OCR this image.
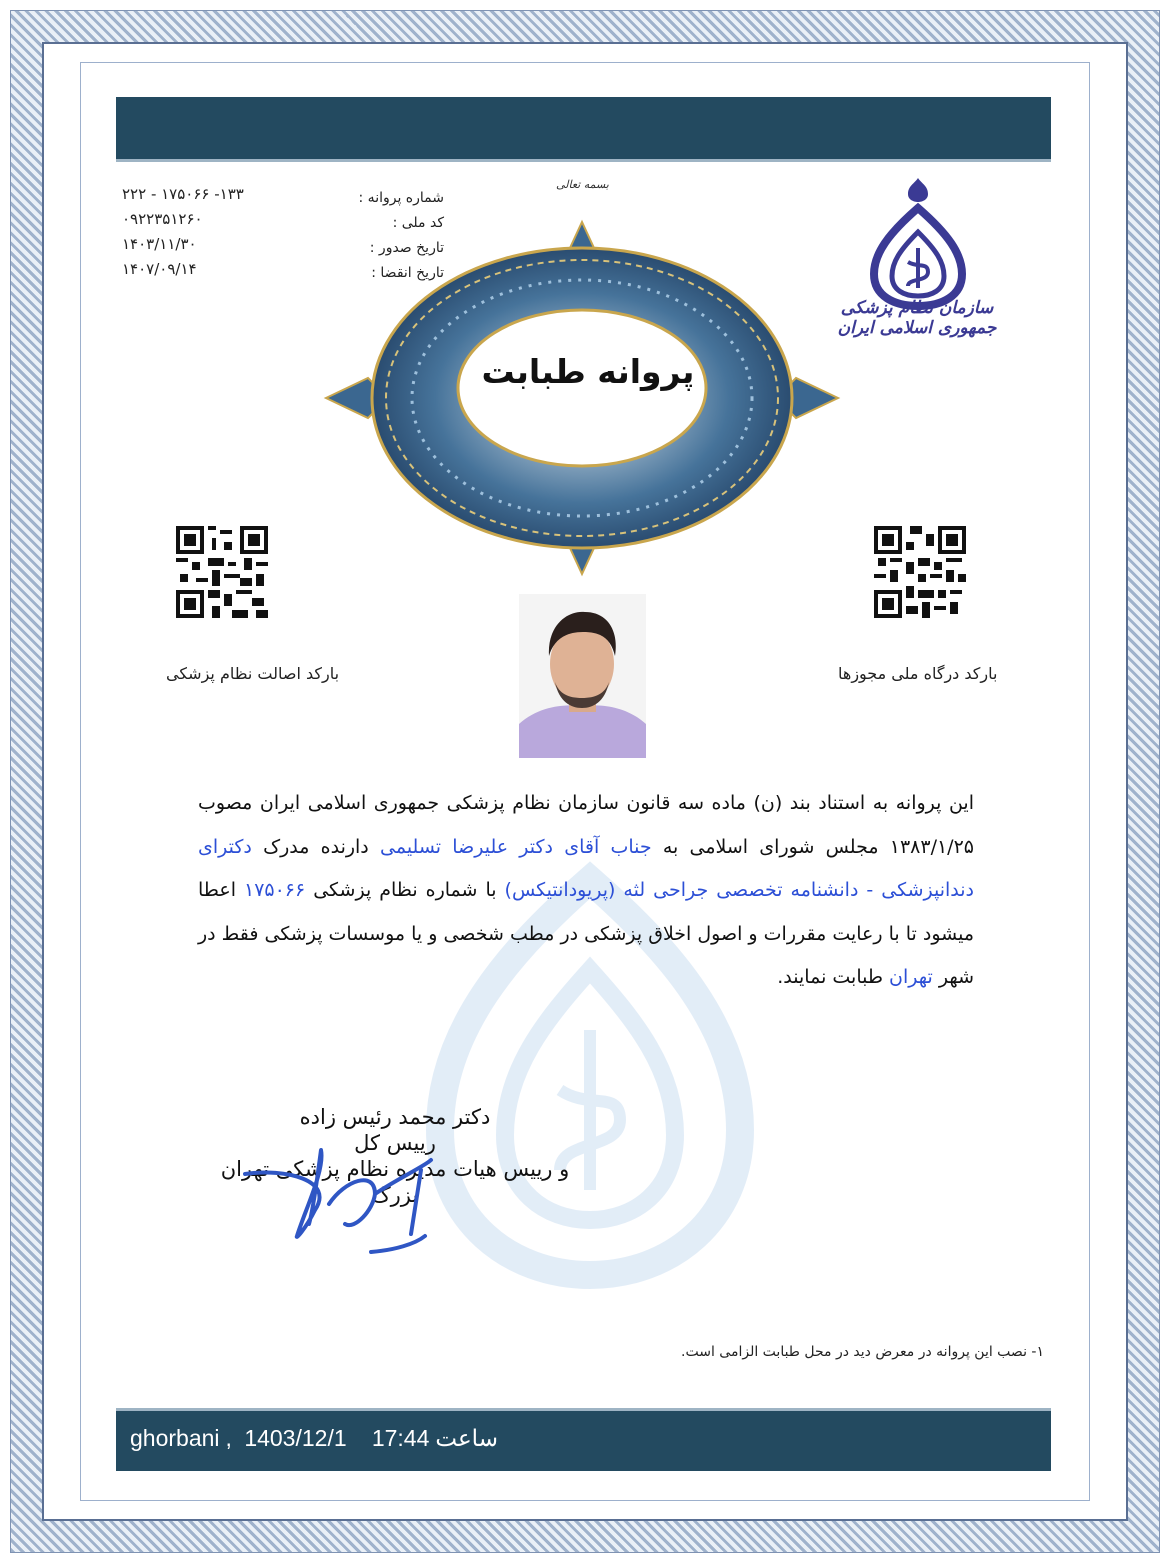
شماره پروانه :
کد ملی :
تاریخ صدور :
تاریخ انقضا :
۲۲۲ - ۱۷۵۰۶۶ -۱۳۳
۰۹۲۲۳۵۱۲۶۰
۱۴۰۳/۱۱/۳۰
۱۴۰۷/۰۹/۱۴
بسمه تعالی
پروانه طبابت
سازمان نظام پزشکی جمهوری اسلامی ایران
بارکد اصالت نظام پزشکی	بارکد درگاه ملی مجوزها
این پروانه به استناد بند (ن) ماده سه قانون سازمان نظام پزشکی جمهوری اسلامی ایران مصوب ۱۳۸۳/۱/۲۵ مجلس شورای اسلامی به جناب آقای دکتر علیرضا تسلیمی دارنده مدرک دکترای دندانپزشکی - دانشنامه تخصصی جراحی لثه (پریودانتیکس) با شماره نظام پزشکی ۱۷۵۰۶۶ اعطا میشود تا با رعایت مقررات و اصول اخلاق پزشکی در مطب شخصی و یا موسسات پزشکی فقط در شهر تهران طبابت نمایند.
دکتر محمد رئیس زاده
رییس کل
و رییس هیات مدیره نظام پزشکی تهران
بزرگ
۱- نصب این پروانه در معرض دید در محل طبابت الزامی است.
ghorbani , 1403/12/1 17:44 ساعت
